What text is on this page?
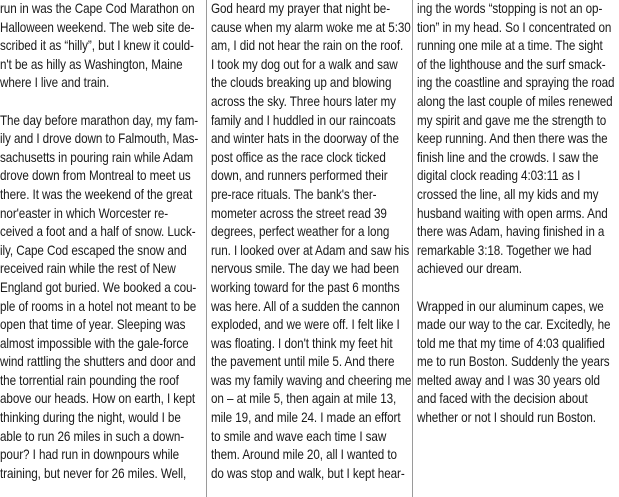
run in was the Cape Cod Marathon on
Halloween weekend. The web site de-
scribed it as “hilly”, but I knew it could-
n't be as hilly as Washington, Maine
where I live and train.
The day before marathon day, my fam-
ily and I drove down to Falmouth, Mas-
sachusetts in pouring rain while Adam
drove down from Montreal to meet us
there. It was the weekend of the great
nor'easter in which Worcester re-
ceived a foot and a half of snow. Luck-
ily, Cape Cod escaped the snow and
received rain while the rest of New
England got buried. We booked a cou-
ple of rooms in a hotel not meant to be
open that time of year. Sleeping was
almost impossible with the gale-force
wind rattling the shutters and door and
the torrential rain pounding the roof
above our heads. How on earth, I kept
thinking during the night, would I be
able to run 26 miles in such a down-
pour? I had run in downpours while
training, but never for 26 miles. Well,
God heard my prayer that night be-
cause when my alarm woke me at 5:30
am, I did not hear the rain on the roof.
I took my dog out for a walk and saw
the clouds breaking up and blowing
across the sky. Three hours later my
family and I huddled in our raincoats
and winter hats in the doorway of the
post office as the race clock ticked
down, and runners performed their
pre-race rituals. The bank's ther-
mometer across the street read 39
degrees, perfect weather for a long
run. I looked over at Adam and saw his
nervous smile. The day we had been
working toward for the past 6 months
was here. All of a sudden the cannon
exploded, and we were off. I felt like I
was floating. I don't think my feet hit
the pavement until mile 5. And there
was my family waving and cheering me
on – at mile 5, then again at mile 13,
mile 19, and mile 24. I made an effort
to smile and wave each time I saw
them. Around mile 20, all I wanted to
do was stop and walk, but I kept hear-
ing the words “stopping is not an op-
tion” in my head. So I concentrated on
running one mile at a time. The sight
of the lighthouse and the surf smack-
ing the coastline and spraying the road
along the last couple of miles renewed
my spirit and gave me the strength to
keep running. And then there was the
finish line and the crowds. I saw the
digital clock reading 4:03:11 as I
crossed the line, all my kids and my
husband waiting with open arms. And
there was Adam, having finished in a
remarkable 3:18. Together we had
achieved our dream.
Wrapped in our aluminum capes, we
made our way to the car. Excitedly, he
told me that my time of 4:03 qualified
me to run Boston. Suddenly the years
melted away and I was 30 years old
and faced with the decision about
whether or not I should run Boston.
